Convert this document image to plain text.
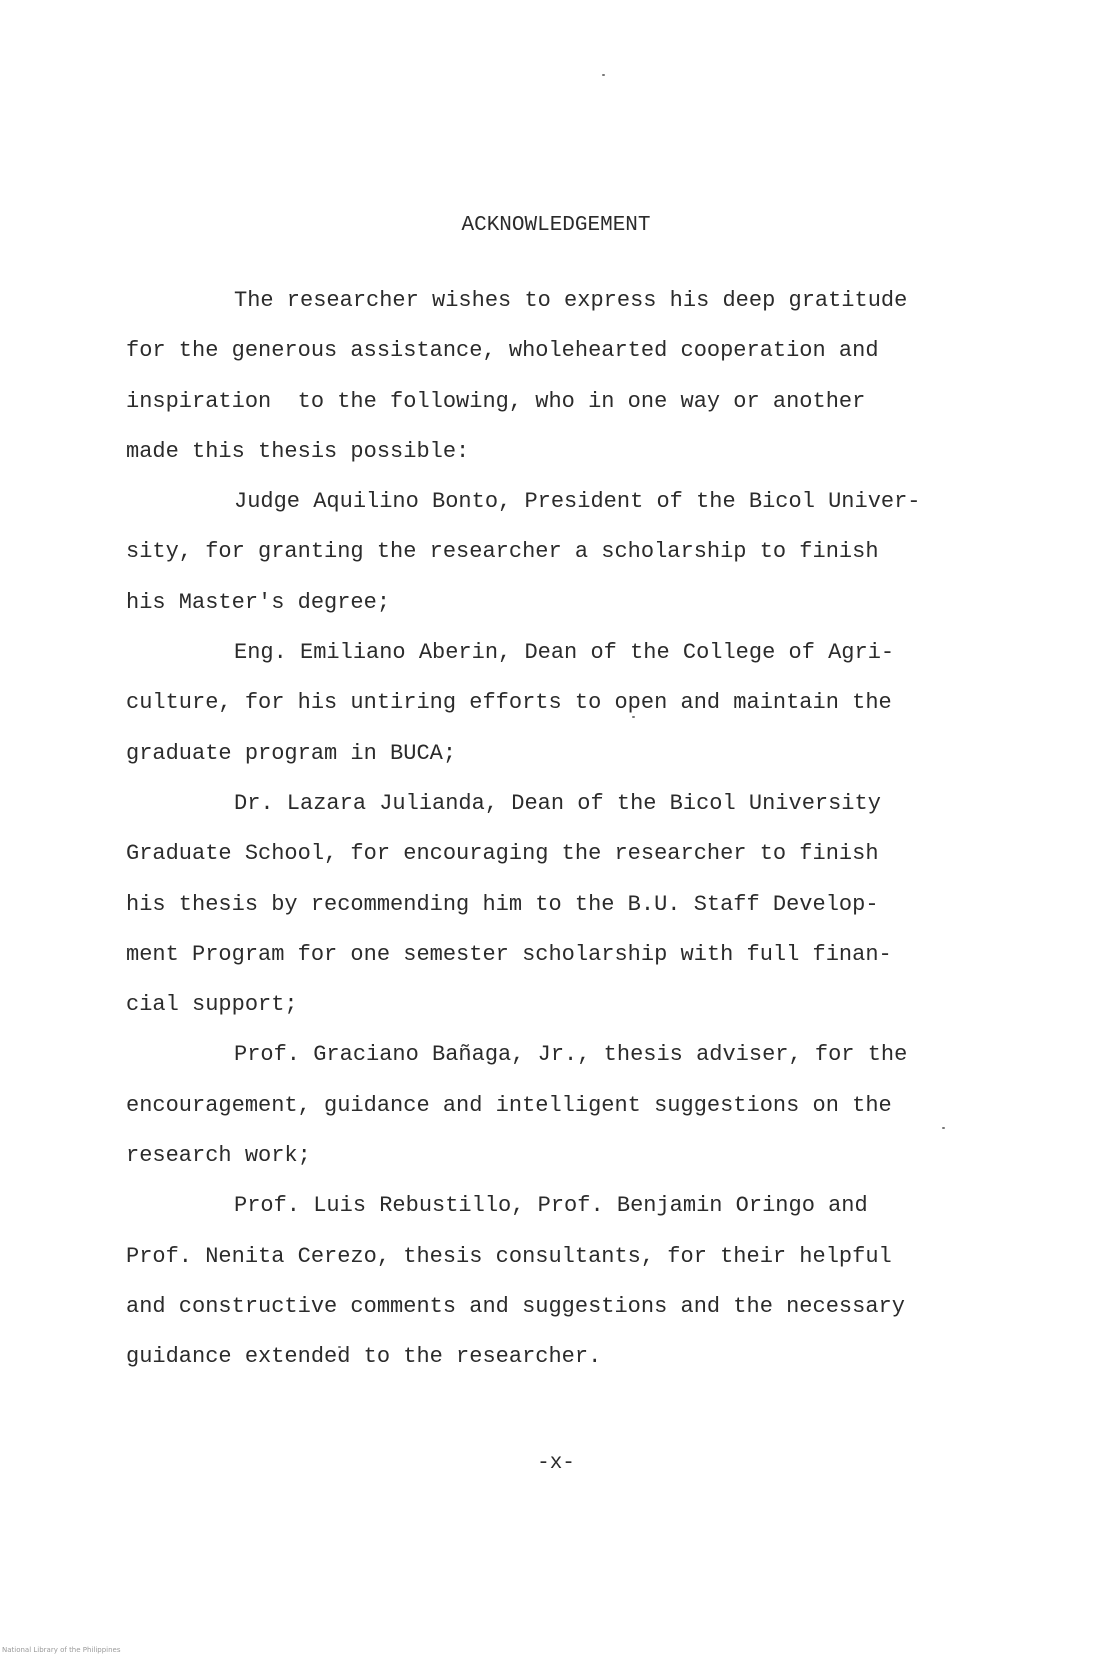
ACKNOWLEDGEMENT
The researcher wishes to express his deep gratitude
for the generous assistance, wholehearted cooperation and
inspiration  to the following, who in one way or another
made this thesis possible:
Judge Aquilino Bonto, President of the Bicol Univer-
sity, for granting the researcher a scholarship to finish
his Master's degree;
Eng. Emiliano Aberin, Dean of the College of Agri-
culture, for his untiring efforts to open and maintain the
graduate program in BUCA;
Dr. Lazara Julianda, Dean of the Bicol University
Graduate School, for encouraging the researcher to finish
his thesis by recommending him to the B.U. Staff Develop-
ment Program for one semester scholarship with full finan-
cial support;
Prof. Graciano Bañaga, Jr., thesis adviser, for the
encouragement, guidance and intelligent suggestions on the
research work;
Prof. Luis Rebustillo, Prof. Benjamin Oringo and
Prof. Nenita Cerezo, thesis consultants, for their helpful
and constructive comments and suggestions and the necessary
guidance extended to the researcher.
-x-
National Library of the Philippines
